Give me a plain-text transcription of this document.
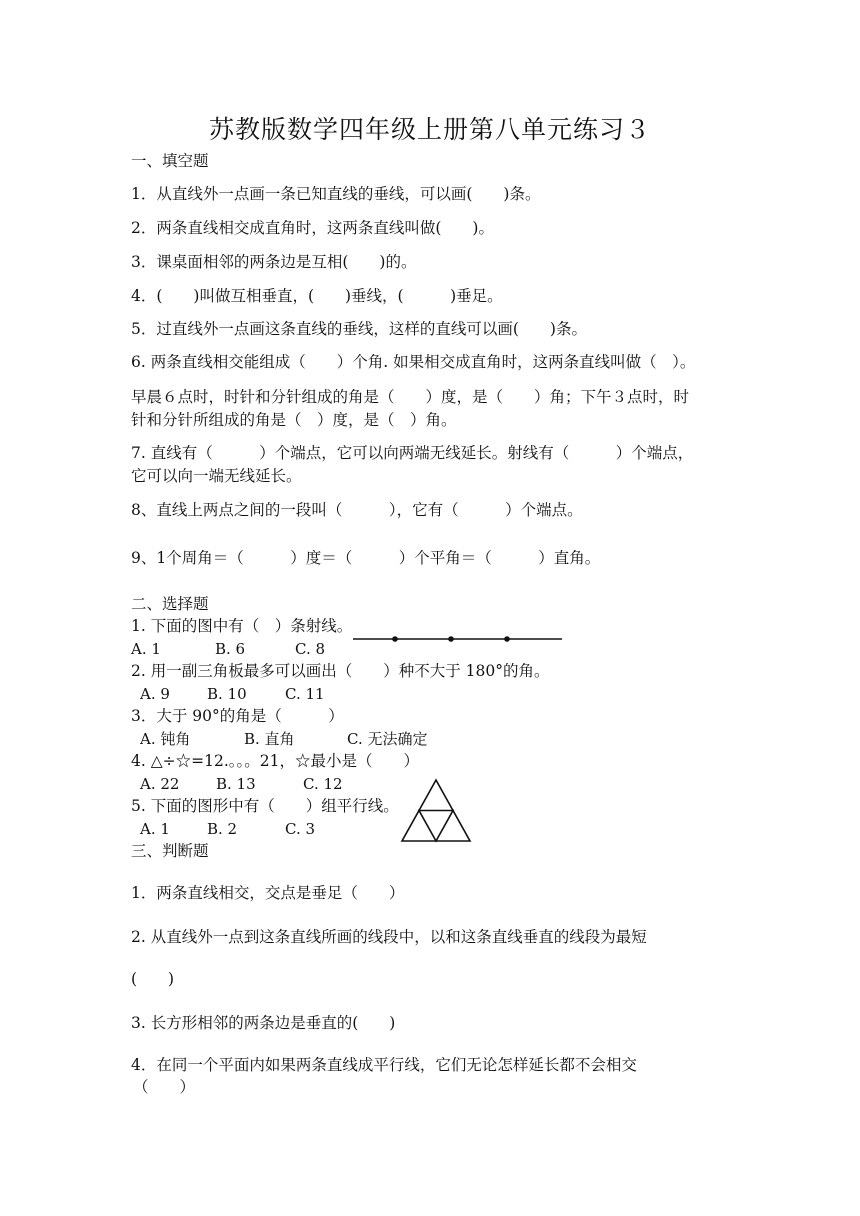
苏教版数学四年级上册第八单元练习３
一、填空题
1．从直线外一点画一条已知直线的垂线，可以画(　　)条。
2．两条直线相交成直角时，这两条直线叫做(　　)。
3．课桌面相邻的两条边是互相(　　)的。
4．(　　)叫做互相垂直，(　　)垂线，(　　　)垂足。
5．过直线外一点画这条直线的垂线，这样的直线可以画(　　)条。
6. 两条直线相交能组成（　　）个角. 如果相交成直角时，这两条直线叫做（　）。
早晨６点时，时针和分针组成的角是（　　）度，是（　　）角；下午３点时，时
针和分针所组成的角是（　）度，是（　）角。
7. 直线有（　　　）个端点，它可以向两端无线延长。射线有（　　　）个端点，
它可以向一端无线延长。
8、直线上两点之间的一段叫（　　　），它有（　　　）个端点。
9、1个周角＝（　　　）度＝（　　　）个平角＝（　　　）直角。
二、选择题
1. 下面的图中有（　）条射线。
A. 1	B. 6	C. 8
2. 用一副三角板最多可以画出（　　）种不大于 180°的角。
A. 9 B. 10	C. 11
3．大于 90°的角是（　　　）
A. 钝角	B. 直角	C. 无法确定
4. △÷☆=12.。。。21，☆最小是（　　）
A. 22 B. 13	C. 12
5. 下面的图形中有（　　）组平行线。
A. 1 B. 2	C. 3
三、判断题
1．两条直线相交，交点是垂足（　　）
2. 从直线外一点到这条直线所画的线段中，以和这条直线垂直的线段为最短
(　　)
3. 长方形相邻的两条边是垂直的(　　)
4．在同一个平面内如果两条直线成平行线，它们无论怎样延长都不会相交
（　　）
